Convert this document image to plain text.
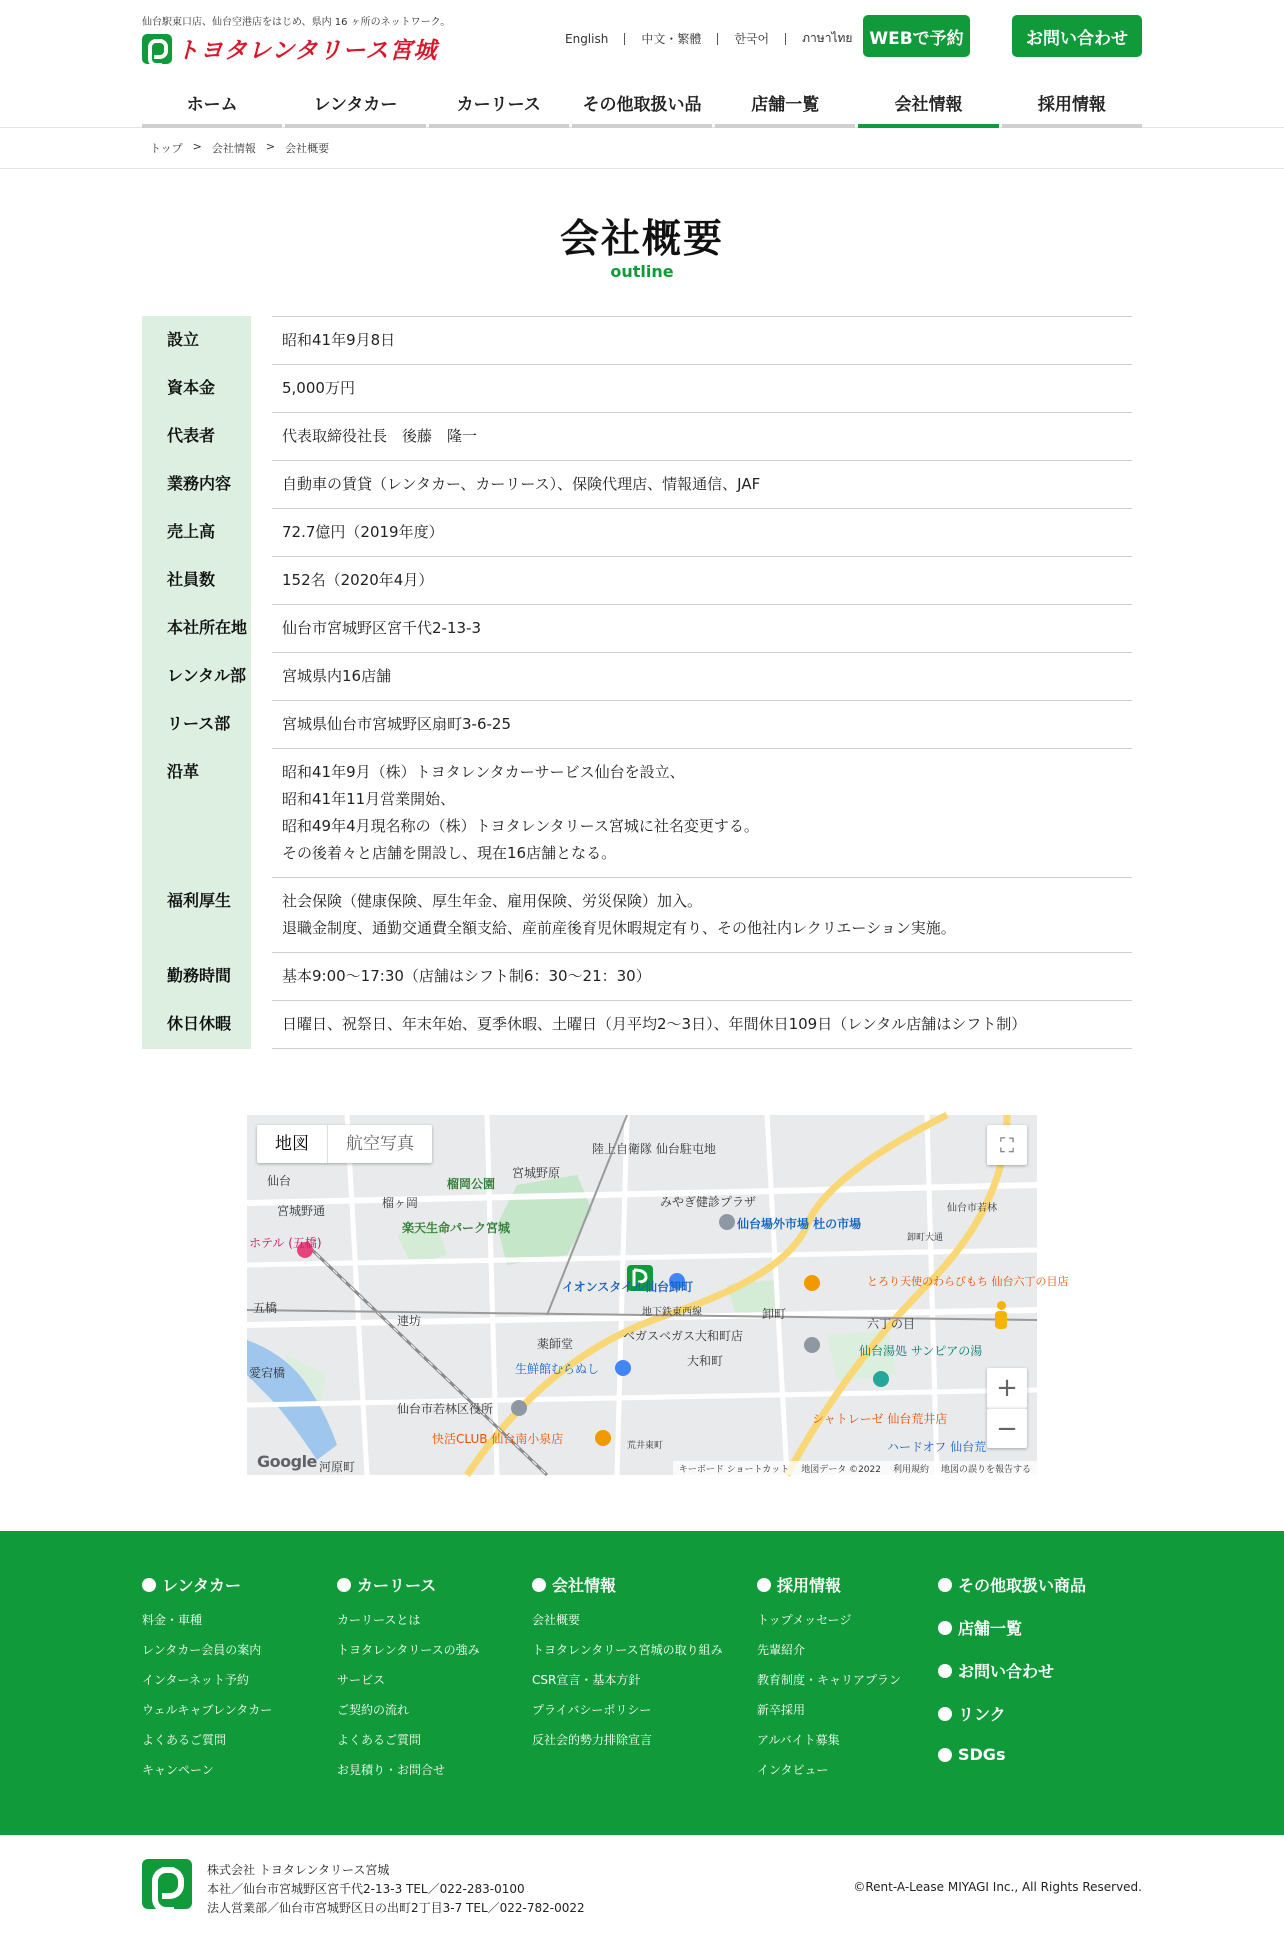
仙台駅東口店、仙台空港店をはじめ、県内 16 ヶ所のネットワーク。
トヨタレンタリース宮城	English	中文・繁體	한국어	ภาษาไทย WEBで予約	お問い合わせ
ホーム	レンタカー	カーリース	その他取扱い品	店舗一覧	会社情報	採用情報
トップ > 会社情報 > 会社概要
会社概要
outline
設立	昭和41年9月8日

資本金	5,000万円

代表者	代表取締役社長　後藤　隆一

業務内容	自動車の賃貸（レンタカー、カーリース）、保険代理店、情報通信、JAF

売上高	72.7億円（2019年度）

社員数	152名（2020年4月）

本社所在地	仙台市宮城野区宮千代2-13-3

レンタル部	宮城県内16店舗

リース部	宮城県仙台市宮城野区扇町3-6-25

沿革	昭和41年9月（株）トヨタレンタカーサービス仙台を設立、
昭和41年11月営業開始、
昭和49年4月現名称の（株）トヨタレンタリース宮城に社名変更する。
その後着々と店舗を開設し、現在16店舗となる。

福利厚生	社会保険（健康保険、厚生年金、雇用保険、労災保険）加入。
退職金制度、通勤交通費全額支給、産前産後育児休暇規定有り、その他社内レクリエーション実施。

勤務時間	基本9:00～17:30（店舗はシフト制6：30～21：30）

休日休暇	日曜日、祝祭日、年末年始、夏季休暇、土曜日（月平均2～3日）、年間休日109日（レンタル店舗はシフト制）
榴岡公園
宮城野原
陸上自衛隊 仙台駐屯地
楽天生命パーク宮城
みやぎ健診プラザ
仙台場外市場 杜の市場
イオンスタイル仙台卸町	とろり天使のわらびもち 仙台六丁の目店
ベガスベガス大和町店
仙台湯処 サンピアの湯
生鮮館むらぬし
大和町
仙台市若林区役所
快活CLUB 仙台南小泉店
シャトレーゼ 仙台荒井店
ハードオフ 仙台荒
宮城野通
ホテル (五橋)
卸町
六丁の目
薬師堂
連坊
五橋
愛宕橋
河原町
榴ヶ岡
地下鉄東西線
仙台
仙台市若林
卸町大通
荒井東町
地図	航空写真	⛶
+
−
Google	キーボード ショートカット 地図データ ©2022 利用規約 地図の誤りを報告する
レンタカー
料金・車種
レンタカー会員の案内
インターネット予約
ウェルキャブレンタカー
よくあるご質問
キャンペーン
カーリース
カーリースとは
トヨタレンタリースの強み
サービス
ご契約の流れ
よくあるご質問
お見積り・お問合せ
会社情報
会社概要
トヨタレンタリース宮城の取り組み
CSR宣言・基本方針
プライバシーポリシー
反社会的勢力排除宣言
採用情報
トップメッセージ
先輩紹介
教育制度・キャリアプラン
新卒採用
アルバイト募集
インタビュー
その他取扱い商品
店舗一覧
お問い合わせ
リンク
SDGs
株式会社 トヨタレンタリース宮城
本社／仙台市宮城野区宮千代2-13-3 TEL／022-283-0100
法人営業部／仙台市宮城野区日の出町2丁目3-7 TEL／022-782-0022
©Rent-A-Lease MIYAGI Inc., All Rights Reserved.
